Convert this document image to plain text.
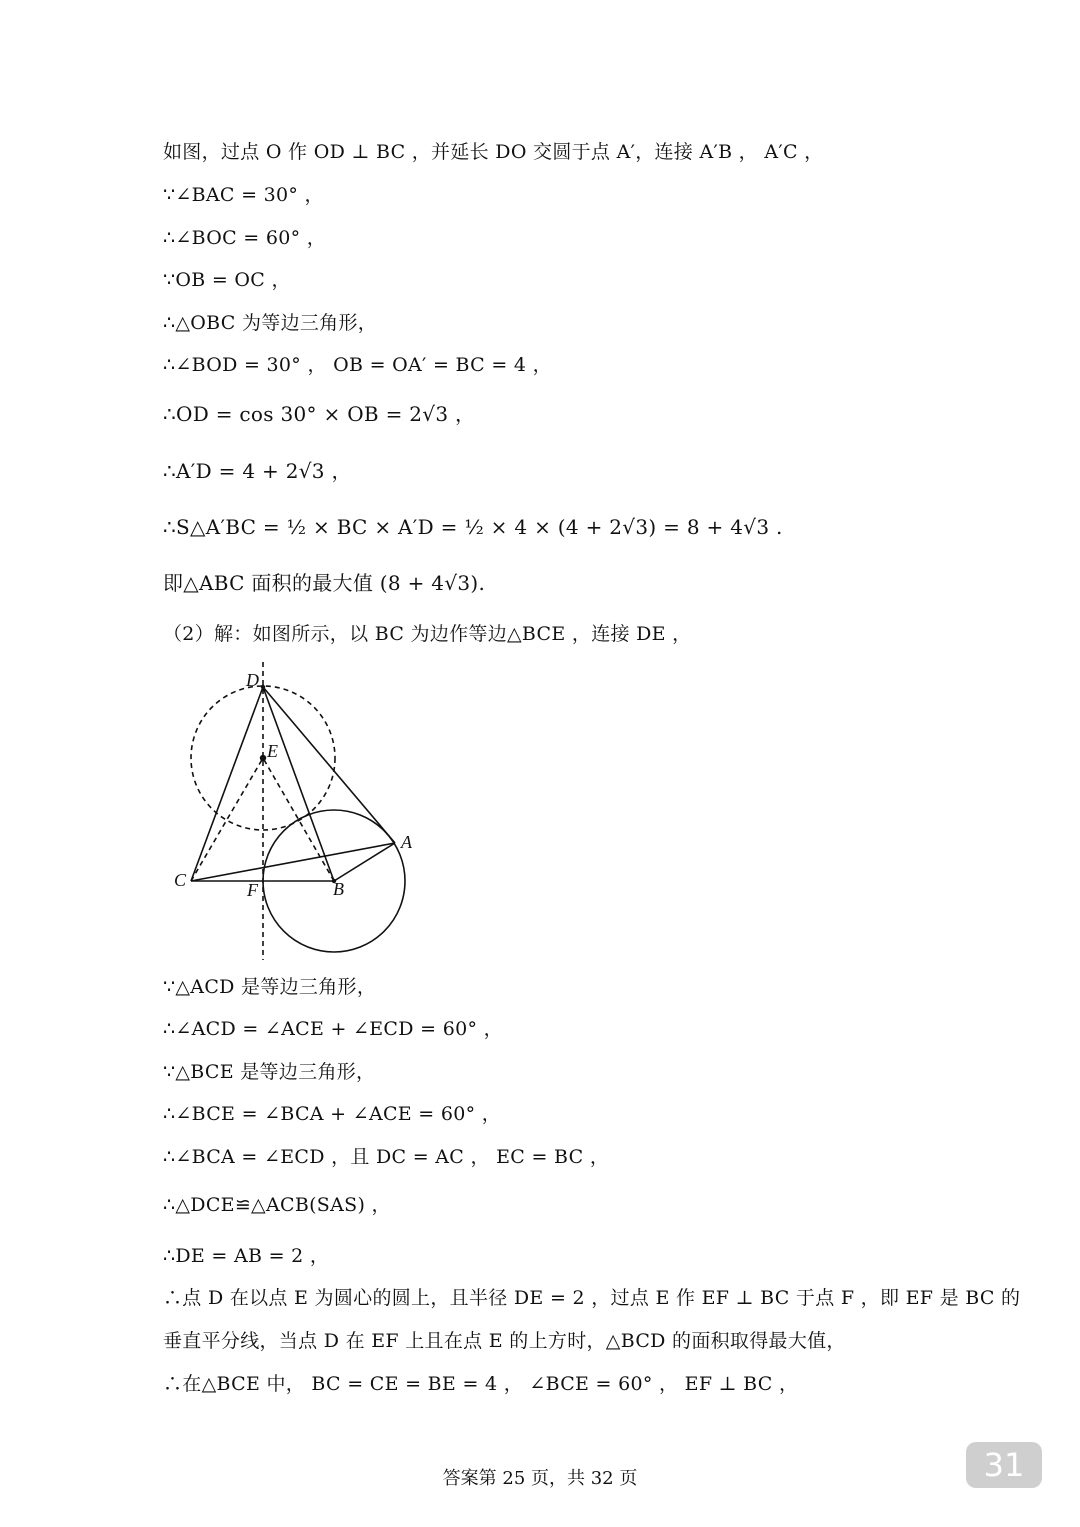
如图，过点 O 作 OD ⊥ BC ，并延长 DO 交圆于点 A′，连接 A′B ， A′C ，
∵∠BAC = 30° ，
∴∠BOC = 60° ，
∵OB = OC ，
∴△OBC 为等边三角形，
∴∠BOD = 30° ， OB = OA′ = BC = 4 ，
∴OD = cos 30° × OB = 2√3 ，
∴A′D = 4 + 2√3 ，
∴S△A′BC = ½ × BC × A′D = ½ × 4 × (4 + 2√3) = 8 + 4√3 .
即△ABC 面积的最大值 (8 + 4√3).
（2）解：如图所示，以 BC 为边作等边△BCE ，连接 DE ，
D
E
A
C	F	B
∵△ACD 是等边三角形，
∴∠ACD = ∠ACE + ∠ECD = 60° ，
∵△BCE 是等边三角形，
∴∠BCE = ∠BCA + ∠ACE = 60° ，
∴∠BCA = ∠ECD ，且 DC = AC ， EC = BC ，
∴△DCE≌△ACB(SAS) ，
∴DE = AB = 2 ，
∴点 D 在以点 E 为圆心的圆上，且半径 DE = 2 ，过点 E 作 EF ⊥ BC 于点 F ，即 EF 是 BC 的
垂直平分线，当点 D 在 EF 上且在点 E 的上方时，△BCD 的面积取得最大值，
∴在△BCE 中， BC = CE = BE = 4 ， ∠BCE = 60° ， EF ⊥ BC ，
答案第 25 页，共 32 页	31
